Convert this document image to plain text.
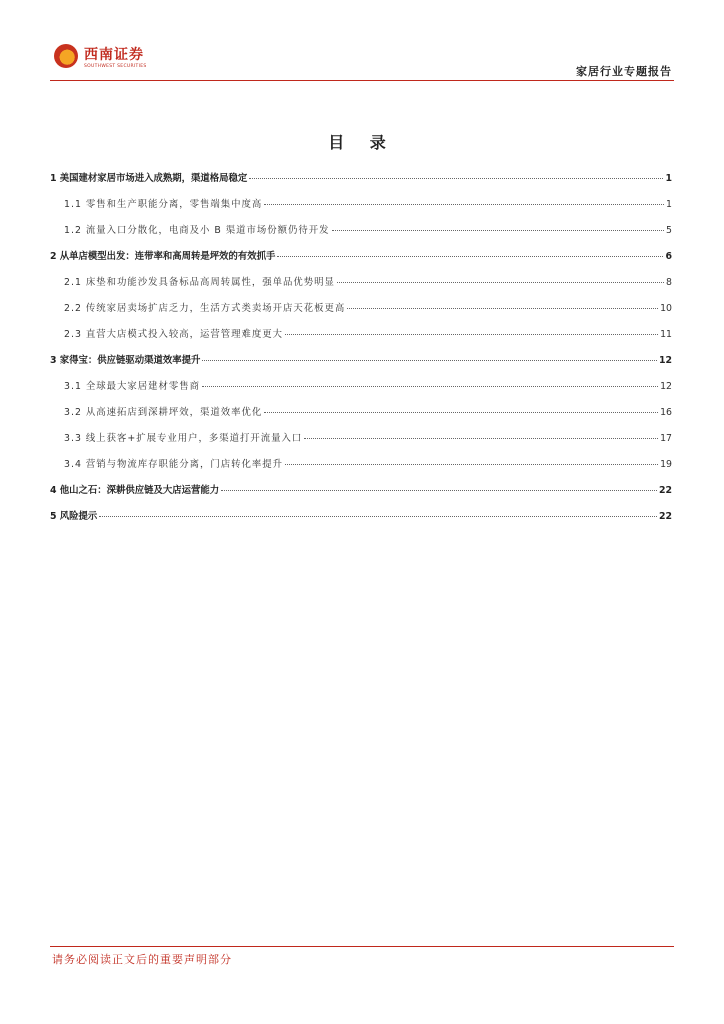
西南证券
SOUTHWEST SECURITIES	家居行业专题报告
目 录
1 美国建材家居市场进入成熟期，渠道格局稳定	1
1.1 零售和生产职能分离，零售端集中度高	1
1.2 流量入口分散化，电商及小 B 渠道市场份额仍待开发	5
2 从单店模型出发：连带率和高周转是坪效的有效抓手	6
2.1 床垫和功能沙发具备标品高周转属性，强单品优势明显	8
2.2 传统家居卖场扩店乏力，生活方式类卖场开店天花板更高	10
2.3 直营大店模式投入较高，运营管理难度更大	11
3 家得宝：供应链驱动渠道效率提升	12
3.1 全球最大家居建材零售商	12
3.2 从高速拓店到深耕坪效，渠道效率优化	16
3.3 线上获客+扩展专业用户，多渠道打开流量入口	17
3.4 营销与物流库存职能分离，门店转化率提升	19
4 他山之石：深耕供应链及大店运营能力	22
5 风险提示	22
请务必阅读正文后的重要声明部分
